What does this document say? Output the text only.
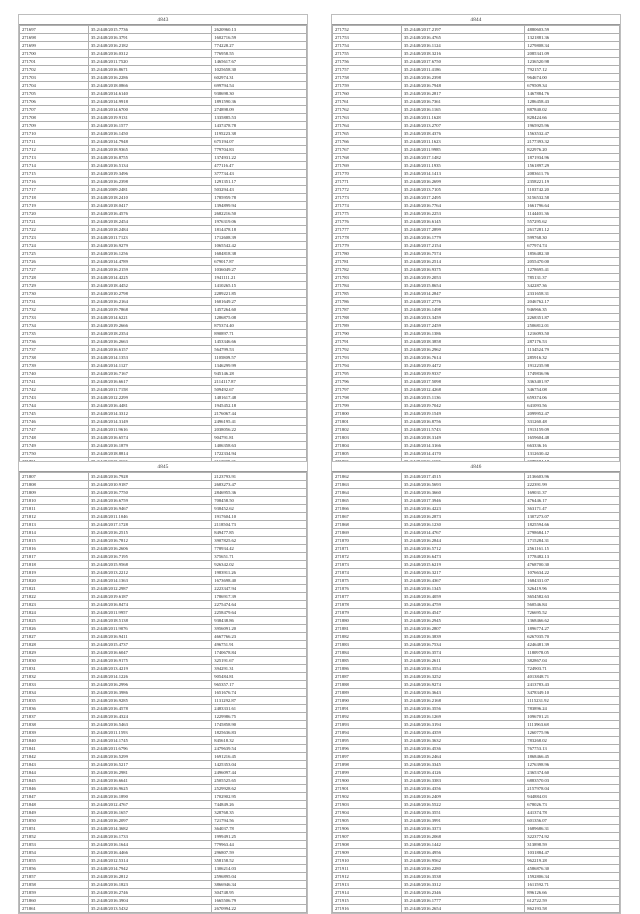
4843
271697	35.2/448/2015.7736	2620960.13
271698	35.2/448/2016.3791	1602716.59
271699	35.2/448/2016.2182	774228.27
271700	35.2/448/2016.0312	776958.55
271701	35.2/448/2011.7520	1465617.67
271702	35.2/448/2016.8671	1025658.30
271703	35.2/448/2016.2286	602974.31
271704	35.2/448/2018.0866	699794.54
271705	35.2/448/2014.6140	938698.30
271706	35.2/448/2014.9918	1891590.36
271707	35.2/448/2014.6700	274898.09
271708	35.2/448/2019.9131	1335885.53
271709	35.2/448/2016.1577	1437478.78
271710	35.2/448/2016.1450	1195223.38
271711	35.2/448/2014.7948	675194.07
271712	35.2/448/2018.9365	779704.83
271713	35.2/448/2016.8755	1374931.22
271714	35.2/448/2016.5134	477116.47
271715	35.2/448/2019.3496	377734.43
271716	35.2/448/2016.2398	1291351.17
271717	35.2/448/2009.2481	503294.43
271718	35.2/448/2018.2410	1785959.78
271719	35.2/448/2018.0417	1394899.94
271720	35.2/448/2016.4576	2682216.50
271721	35.2/448/2018.2454	1976319.06
271722	35.2/448/2018.2484	1814478.18
271723	35.2/448/2011.7123	1712608.39
271724	35.2/448/2016.9279	1065542.42
271725	35.2/448/2016.1256	1684818.38
271726	35.2/448/2014.4789	679017.87
271727	35.2/448/2016.2159	1036049.27
271728	35.2/448/2014.4225	1941111.21
271729	35.2/448/2018.4452	1410265.15
271730	35.2/448/2010.2798	2289221.85
271731	35.2/448/2016.2164	1601649.27
271732	35.2/448/2019.7868	1457264.60
271733	35.2/448/2014.6221	1286875.08
271734	35.2/448/2019.2666	875374.40
271735	35.2/448/2018.2354	890897.71
271736	35.2/448/2016.2663	1453346.66
271737	35.2/448/2016.6157	564799.53
271738	35.2/448/2014.1353	1105809.57
271739	35.2/448/2014.1127	1346299.99
271740	35.2/448/2016.7167	945146.28
271741	35.2/448/2016.6617	2114117.87
271742	35.2/448/2011.7158	509492.67
271743	35.2/448/2012.2299	1481617.48
271744	35.2/448/2016.4481	1945452.18
271745	35.2/448/2014.3312	2176067.44
271746	35.2/448/2014.3149	2496195.41
271747	35.2/448/2011.9616	2038056.22
271748	35.2/448/2016.6574	904791.81
271749	35.2/448/2016.1879	1406358.63
271750	35.2/448/2018.8814	1722334.94

4844
271752	35.2/448/2017.2197	4880603.59
271753	35.2/448/2016.4765	1321881.36
271754	35.2/448/2016.1124	1279808.34
271755	35.2/448/2018.3216	2085341.09
271756	35.2/448/2017.6750	1236520.98
271757	35.2/448/2011.4186	792157.12
271758	35.2/448/2016.2398	964674.00
271759	35.2/448/2016.7948	679509.34
271760	35.2/448/2016.2817	1467884.76
271761	35.2/448/2016.7361	1286458.43
271762	35.2/448/2016.1165	887840.02
271763	35.2/448/2011.1628	828424.66
271764	35.2/448/2013.2707	1965925.96
271765	35.2/448/2018.4376	1563532.47
271766	35.2/448/2011.1623	2177393.32
271767	35.2/448/2011.9985	822976.20
271768	35.2/448/2017.1482	1871934.96
271769	35.2/448/2011.1935	1561897.29
271770	35.2/448/2014.1413	2083611.76
271771	35.2/448/2016.2699	2358221.19
271772	35.2/448/2013.7105	1103742.20
271773	35.2/448/2017.2495	3156532.58
271774	35.2/448/2016.7764	1661796.64
271775	35.2/448/2016.2253	1144401.36
271776	35.2/448/2016.6145	557295.62
271777	35.2/448/2017.2899	2617281.12
271778	35.2/448/2016.1779	599768.30
271779	35.2/448/2017.2154	677974.74
271780	35.2/448/2016.7574	1856482.30
271781	35.2/448/2016.2514	2055470.00
271782	35.2/448/2016.9375	1278695.41
271783	35.2/448/2019.2053	785131.37
271784	35.2/448/2015.8654	342287.36
271785	35.2/448/2014.2847	2331658.31
271786	35.2/448/2017.2776	2046762.17
271787	35.2/448/2016.1498	946966.35
271788	35.2/448/2013.3459	2268351.87
271789	35.2/448/2017.2459	2506812.01
271790	35.2/448/2016.1386	1216093.50
271791	35.2/448/2018.3858	287176.53
271792	35.2/448/2016.2962	1134524.79
271793	35.2/448/2016.7614	285916.32
271794	35.2/448/2019.4472	1912235.98
271795	35.2/448/2019.9337	1749836.96
271796	35.2/448/2017.5098	3363401.97
271797	35.2/448/2012.4268	346754.08
271798	35.2/448/2015.1136	659374.06
271799	35.2/448/2019.7042	641093.56
271800	35.2/448/2019.1549	2099952.47
271801	35.2/448/2016.8756	331260.48
271802	35.2/448/2011.5743	1913159.09
271803	35.2/448/2018.3149	1659604.48
271804	35.2/448/2014.3166	663336.16
271805	35.2/448/2014.4170	1312630.42

4845
271807	35.2/448/2016.7928	2123793.91
271808	35.2/448/2010.9187	2683273.47
271809	35.2/448/2016.7750	2846955.36
271810	35.2/448/2016.6759	708458.50
271811	35.2/448/2016.9467	938452.62
271812	35.2/448/2011.1046	1917604.10
271813	35.2/448/2017.1728	2118504.73
271814	35.2/448/2016.2515	849477.85
271815	35.2/448/2016.7812	3907825.62
271816	35.2/448/2016.2606	778934.42
271817	35.2/448/2016.7195	375651.71
271818	35.2/448/2015.9568	926342.02
271819	35.2/448/2013.2212	1983911.26
271820	35.2/448/2014.1363	1673698.40
271821	35.2/448/2012.2987	2223347.94
271822	35.2/448/2019.6187	1786917.39
271823	35.2/448/2016.8474	2275474.64
271824	35.2/448/2011.9957	2258479.64
271825	35.2/448/2018.5138	938438.86
271826	35.2/448/2011.9076	3956091.20
271827	35.2/448/2016.9411	4667766.23
271828	35.2/448/2015.4737	496751.91
271829	35.2/448/2016.6047	1740678.84
271830	35.2/448/2016.9175	325191.67
271831	35.2/448/2013.4219	394291.31
271832	35.2/448/2014.1226	905484.81
271833	35.2/448/2016.2996	965357.17
271834	35.2/448/2016.3986	1651676.74
271835	35.2/448/2016.9285	1131292.87
271836	35.2/448/2016.4578	2483331.61
271837	35.2/448/2016.4324	1229986.75
271838	35.2/448/2016.5463	1745858.90
271839	35.2/448/2011.1593	1825636.83
271840	35.2/448/2014.1745	845618.32
271841	35.2/448/2011.6796	2479639.54
271842	35.2/448/2016.5299	1691216.45
271843	35.2/448/2016.5217	1425353.04
271844	35.2/448/2016.2981	2496097.44
271845	35.2/448/2016.6641	2505525.65
271846	35.2/448/2016.9625	2529928.62
271847	35.2/448/2016.1890	1702902.95
271848	35.2/448/2012.4767	744849.26
271849	35.2/448/2016.1657	328768.35
271850	35.2/448/2016.2097	721794.56
271851	35.2/448/2014.3682	364037.78
271852	35.2/448/2016.1733	1999491.25
271853	35.2/448/2016.1644	779963.44
271854	35.2/448/2016.4466	296807.59
271855	35.2/448/2012.5314	358158.52
271856	35.2/448/2014.7942	1306214.03
271857	35.2/448/2016.2812	2596895.04
271858	35.2/448/2016.1823	3866946.34
271859	35.2/448/2016.2746	304748.95
271860	35.2/448/2016.3904	1665506.79
271861	35.2/448/2013.5432	2670994.22
4846
271862	35.2/448/2017.4515	2136603.96
271863	35.2/448/2016.5693	222391.99
271864	35.2/448/2016.3660	169031.37
271865	35.2/448/2017.3946	476446.17
271866	35.2/448/2016.4223	363171.47
271867	35.2/448/2016.2873	1307273.07
271868	35.2/448/2016.1230	1825594.66
271869	35.2/448/2014.4767	2798684.17
271870	35.2/448/2016.2844	1715284.31
271871	35.2/448/2016.5712	2561161.15
271872	35.2/448/2016.6473	1778482.13
271873	35.2/448/2015.6219	4768700.30
271874	35.2/448/2016.3217	1076634.22
271875	35.2/448/2016.4367	1684331.07
271876	35.2/448/2016.1345	326419.96
271877	35.2/448/2016.4059	3654582.63
271878	35.2/448/2016.4759	560546.84
271879	35.2/448/2016.4547	726695.52
271880	35.2/448/2016.2945	1368466.62
271881	35.2/448/2016.2807	1896774.27
271882	35.2/448/2016.3839	6267035.70
271883	35.2/448/2016.7534	4246481.39
271884	35.2/448/2016.3574	1180978.05
271885	35.2/448/2016.2611	382867.04
271886	35.2/448/2016.3554	724903.71
271887	35.2/448/2016.3252	4013848.71
271888	35.2/448/2016.9274	2413783.43
271889	35.2/448/2016.3643	3478349.10
271890	35.2/448/2016.2168	1115231.92
271891	35.2/448/2016.3556	783896.24
271892	35.2/448/2016.1269	1096701.21
271893	35.2/448/2016.3194	1113963.68
271894	35.2/448/2016.4359	1260775.96
271895	35.2/448/2016.3632	783268.02
271896	35.2/448/2016.4536	767753.13
271897	35.2/448/2016.2464	1868466.45
271898	35.2/448/2016.3345	1276398.96
271899	35.2/448/2016.4126	2365374.60
271900	35.2/448/2016.3383	6883570.03
271901	35.2/448/2016.4356	2157978.04
271902	35.2/448/2016.2409	944884.03
271903	35.2/448/2016.5522	678026.73
271904	35.2/448/2016.3551	441374.78
271905	35.2/448/2016.3991	601356.07
271906	35.2/448/2016.3373	1689686.31
271907	35.2/448/2016.2068	3223774.92
271908	35.2/448/2016.1442	313898.59
271909	35.2/448/2016.4956	1031884.47
271910	35.2/448/2016.9562	962219.28
271911	35.2/448/2016.2280	4586876.30
271912	35.2/448/2016.3538	1592806.34
271913	35.2/448/2016.3312	1611592.71
271914	35.2/448/2016.2346	896126.66
271915	35.2/448/2016.1777	612722.59
271916	35.2/448/2016.2654	862193.58
